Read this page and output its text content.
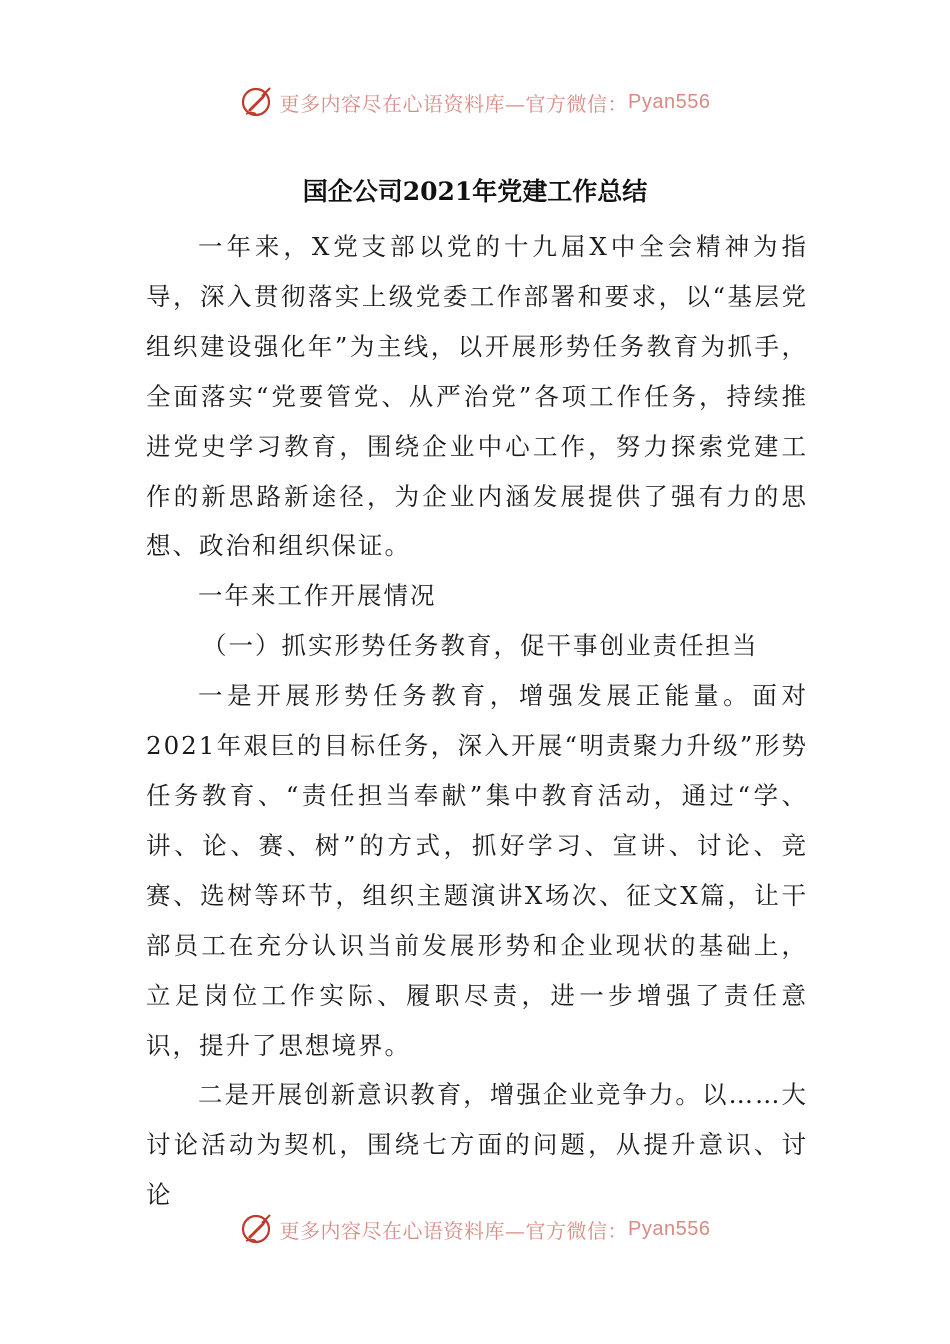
更多内容尽在心语资料库—官方微信： Pyan556
国企公司2021年党建工作总结

一年来，X党支部以党的十九届X中全会精神为指导，深入贯彻落实上级党委工作部署和要求，以“基层党组织建设强化年”为主线，以开展形势任务教育为抓手，全面落实“党要管党、从严治党”各项工作任务，持续推进党史学习教育，围绕企业中心工作，努力探索党建工作的新思路新途径，为企业内涵发展提供了强有力的思想、政治和组织保证。

一年来工作开展情况

（一）抓实形势任务教育，促干事创业责任担当

一是开展形势任务教育，增强发展正能量。面对2021年艰巨的目标任务，深入开展“明责聚力升级”形势任务教育、“责任担当奉献”集中教育活动，通过“学、讲、论、赛、树”的方式，抓好学习、宣讲、讨论、竞赛、选树等环节，组织主题演讲X场次、征文X篇，让干部员工在充分认识当前发展形势和企业现状的基础上，立足岗位工作实际、履职尽责，进一步增强了责任意识，提升了思想境界。

二是开展创新意识教育，增强企业竞争力。以……大讨论活动为契机，围绕七方面的问题，从提升意识、讨论

更多内容尽在心语资料库—官方微信： Pyan556
